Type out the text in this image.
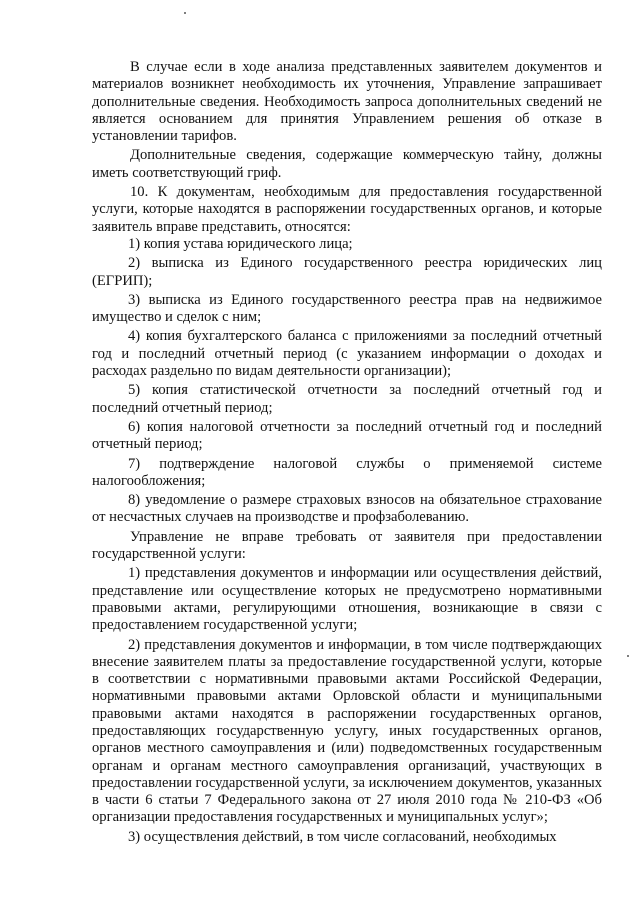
В случае если в ходе анализа представленных заявителем документов и материалов возникнет необходимость их уточнения, Управление запрашивает дополнительные сведения. Необходимость запроса дополнительных сведений не является основанием для принятия Управлением решения об отказе в установлении тарифов.

Дополнительные сведения, содержащие коммерческую тайну, должны иметь соответствующий гриф.

10. К документам, необходимым для предоставления государственной услуги, которые находятся в распоряжении государственных органов, и которые заявитель вправе представить, относятся:

1) копия устава юридического лица;

2) выписка из Единого государственного реестра юридических лиц (ЕГРИП);

3) выписка из Единого государственного реестра прав на недвижимое имущество и сделок с ним;

4) копия бухгалтерского баланса с приложениями за последний отчетный год и последний отчетный период (с указанием информации о доходах и расходах раздельно по видам деятельности организации);

5) копия статистической отчетности за последний отчетный год и последний отчетный период;

6) копия налоговой отчетности за последний отчетный год и последний отчетный период;

7) подтверждение налоговой службы о применяемой системе налогообложения;

8) уведомление о размере страховых взносов на обязательное страхование от несчастных случаев на производстве и профзаболеванию.

Управление не вправе требовать от заявителя при предоставлении государственной услуги:

1) представления документов и информации или осуществления действий, представление или осуществление которых не предусмотрено нормативными правовыми актами, регулирующими отношения, возникающие в связи с предоставлением государственной услуги;

2) представления документов и информации, в том числе подтверждающих внесение заявителем платы за предоставление государственной услуги, которые в соответствии с нормативными правовыми актами Российской Федерации, нормативными правовыми актами Орловской области и муниципальными правовыми актами находятся в распоряжении государственных органов, предоставляющих государственную услугу, иных государственных органов, органов местного самоуправления и (или) подведомственных государственным органам и органам местного самоуправления организаций, участвующих в предоставлении государственной услуги, за исключением документов, указанных в части 6 статьи 7 Федерального закона от 27 июля 2010 года № 210-ФЗ «Об организации предоставления государственных и муниципальных услуг»;

3) осуществления действий, в том числе согласований, необходимых
